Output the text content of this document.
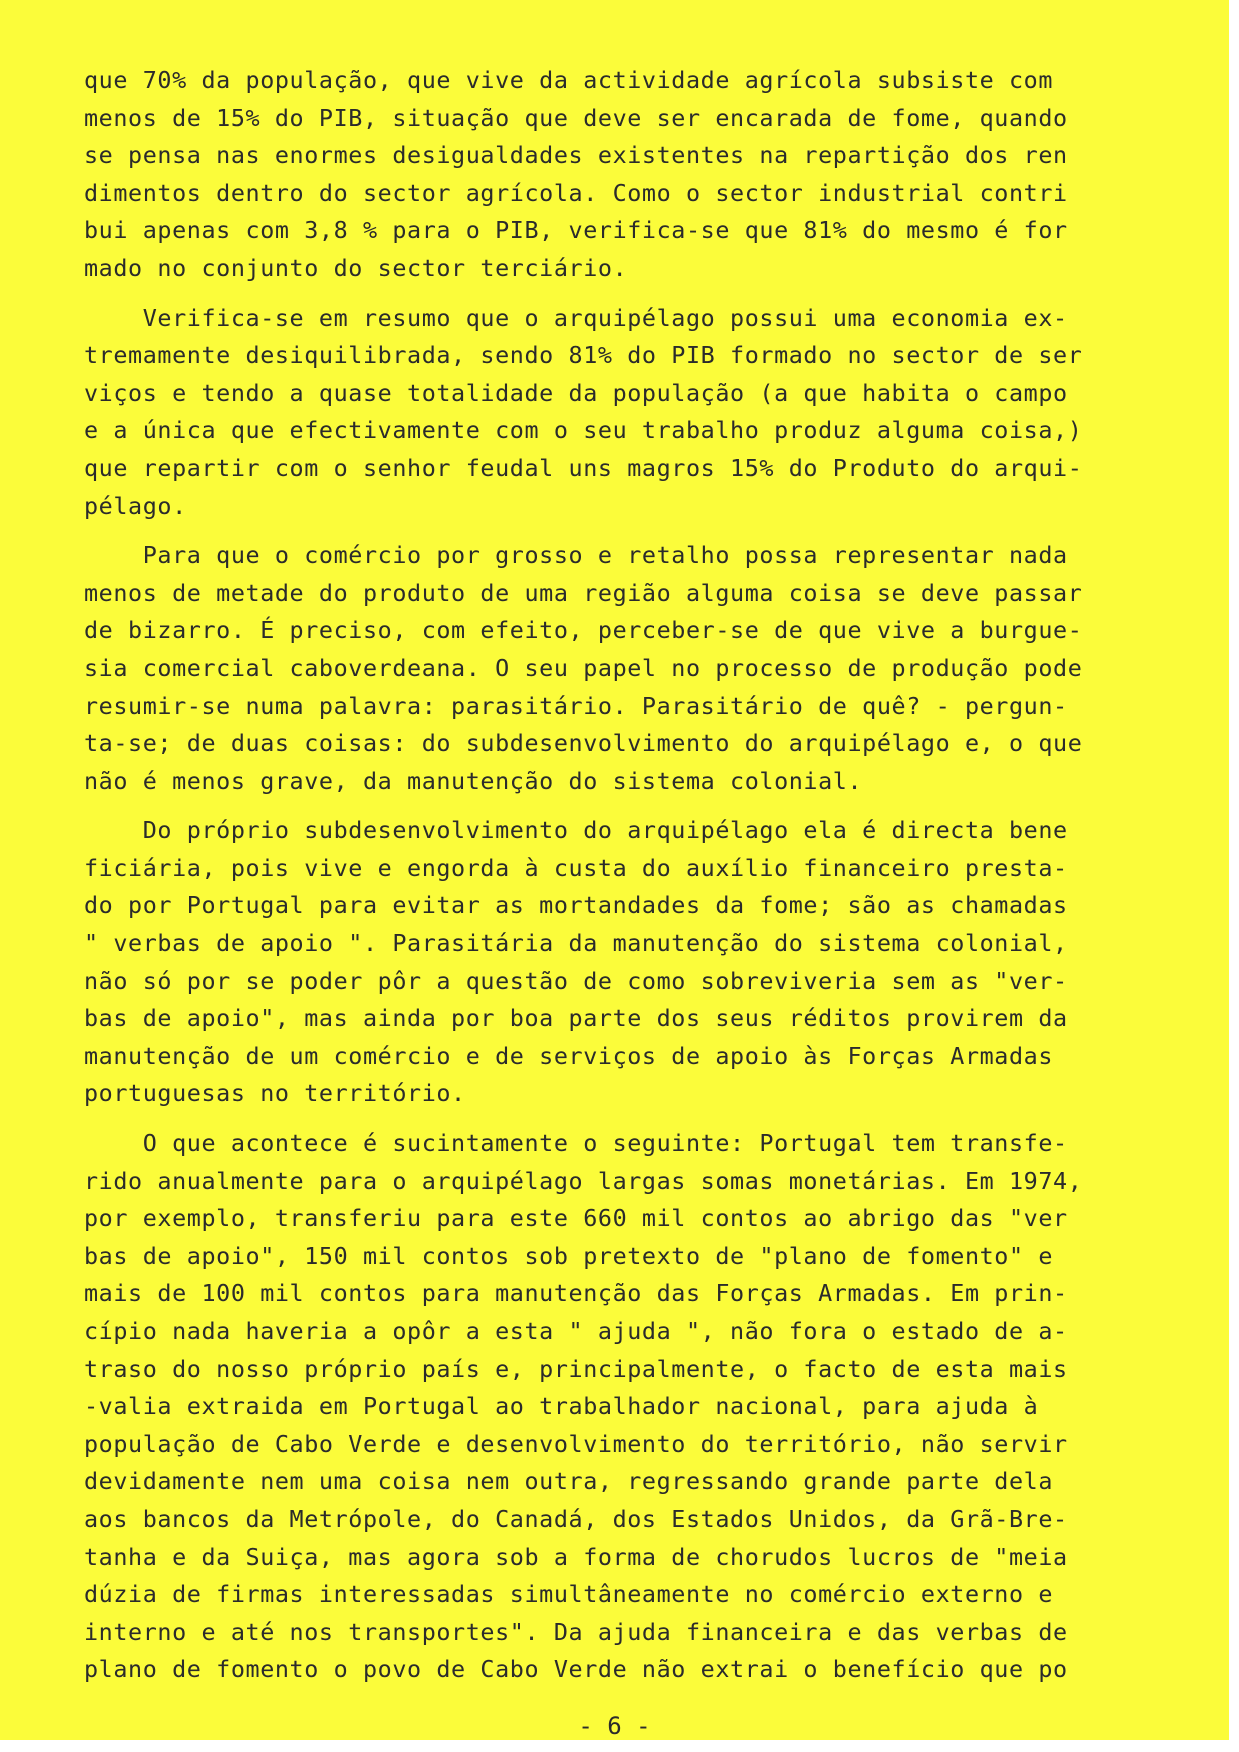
que 70% da população, que vive da actividade agrícola subsiste com
menos de 15% do PIB, situação que deve ser encarada de fome, quando
se pensa nas enormes desigualdades existentes na repartição dos ren
dimentos dentro do sector agrícola. Como o sector industrial contri
bui apenas com 3,8 % para o PIB, verifica-se que 81% do mesmo é for
mado no conjunto do sector terciário.
Verifica-se em resumo que o arquipélago possui uma economia ex-
tremamente desiquilibrada, sendo 81% do PIB formado no sector de ser
viços e tendo a quase totalidade da população (a que habita o campo
e a única que efectivamente com o seu trabalho produz alguma coisa,)
que repartir com o senhor feudal uns magros 15% do Produto do arqui-
pélago.
Para que o comércio por grosso e retalho possa representar nada
menos de metade do produto de uma região alguma coisa se deve passar
de bizarro. É preciso, com efeito, perceber-se de que vive a burgue-
sia comercial caboverdeana. O seu papel no processo de produção pode
resumir-se numa palavra: parasitário. Parasitário de quê? - pergun-
ta-se; de duas coisas: do subdesenvolvimento do arquipélago e, o que
não é menos grave, da manutenção do sistema colonial.
Do próprio subdesenvolvimento do arquipélago ela é directa bene
ficiária, pois vive e engorda à custa do auxílio financeiro presta-
do por Portugal para evitar as mortandades da fome; são as chamadas
" verbas de apoio ". Parasitária da manutenção do sistema colonial,
não só por se poder pôr a questão de como sobreviveria sem as "ver-
bas de apoio", mas ainda por boa parte dos seus réditos provirem da
manutenção de um comércio e de serviços de apoio às Forças Armadas
portuguesas no território.
O que acontece é sucintamente o seguinte: Portugal tem transfe-
rido anualmente para o arquipélago largas somas monetárias. Em 1974,
por exemplo, transferiu para este 660 mil contos ao abrigo das "ver
bas de apoio", 150 mil contos sob pretexto de "plano de fomento" e
mais de 100 mil contos para manutenção das Forças Armadas. Em prin-
cípio nada haveria a opôr a esta " ajuda ", não fora o estado de a-
traso do nosso próprio país e, principalmente, o facto de esta mais
-valia extraida em Portugal ao trabalhador nacional, para ajuda à
população de Cabo Verde e desenvolvimento do território, não servir
devidamente nem uma coisa nem outra, regressando grande parte dela
aos bancos da Metrópole, do Canadá, dos Estados Unidos, da Grã-Bre-
tanha e da Suiça, mas agora sob a forma de chorudos lucros de "meia
dúzia de firmas interessadas simultâneamente no comércio externo e
interno e até nos transportes". Da ajuda financeira e das verbas de
plano de fomento o povo de Cabo Verde não extrai o benefício que po
- 6 -
